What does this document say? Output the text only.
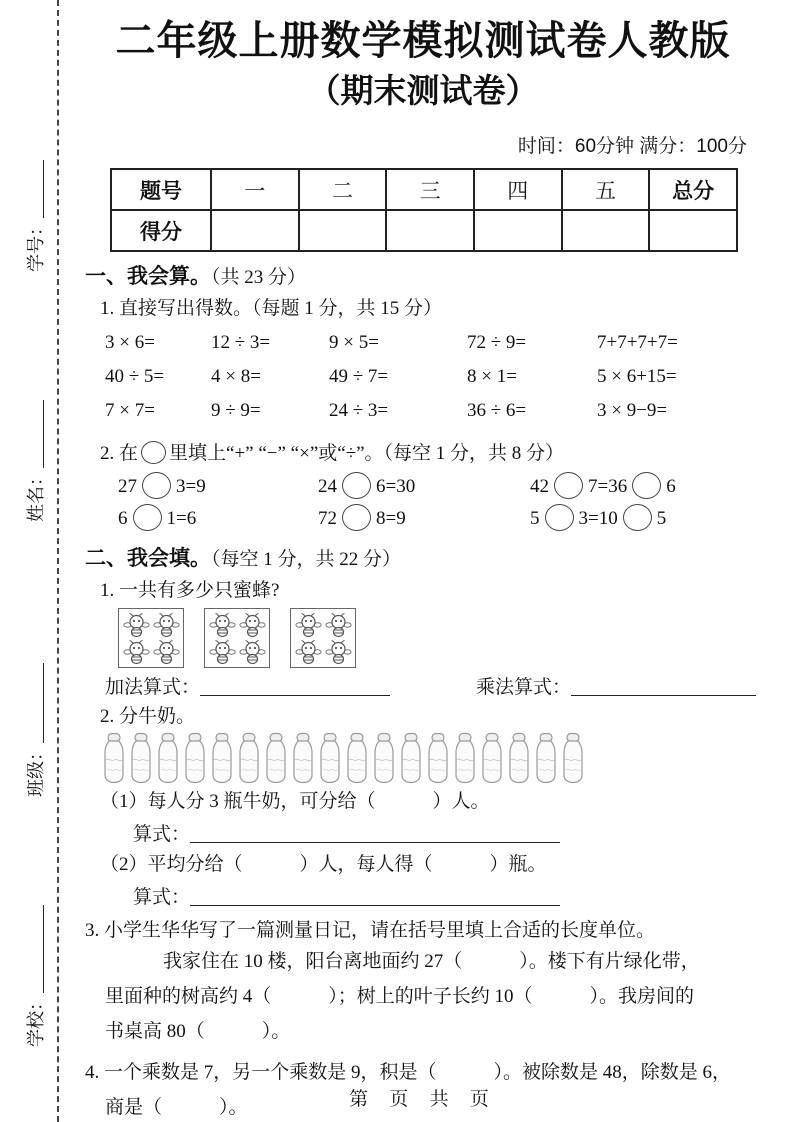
学号：
姓名：
班级：
学校：
二年级上册数学模拟测试卷人教版
（期末测试卷）
时间：60分钟 满分：100分
题号	一	二	三	四	五	总分
得分						
一、我会算。（共 23 分）
1. 直接写出得数。（每题 1 分，共 15 分）
3 × 6=	12 ÷ 3=	9 × 5=	72 ÷ 9=	7+7+7+7=
40 ÷ 5=	4 × 8=	49 ÷ 7=	8 × 1=	5 × 6+15=
7 × 7=	9 ÷ 9=	24 ÷ 3=	36 ÷ 6=	3 × 9−9=
2. 在 里填上“+” “−” “×”或“÷”。（每空 1 分，共 8 分）
27 3=9	24 6=30	42 7=36 6
6 1=6	72 8=9	5 3=10 5
二、我会填。（每空 1 分，共 22 分）
1. 一共有多少只蜜蜂?
加法算式：	乘法算式：
2. 分牛奶。
（1）每人分 3 瓶牛奶，可分给（　　　）人。
算式：
（2）平均分给（　　　）人，每人得（　　　）瓶。
算式：
3. 小学生华华写了一篇测量日记，请在括号里填上合适的长度单位。
我家住在 10 楼，阳台离地面约 27（　　　）。楼下有片绿化带，
里面种的树高约 4（　　　）；树上的叶子长约 10（　　　）。我房间的
书桌高 80（　　　）。
4. 一个乘数是 7，另一个乘数是 9，积是（　　　）。被除数是 48，除数是 6，
商是（　　　）。	第 页 共 页
